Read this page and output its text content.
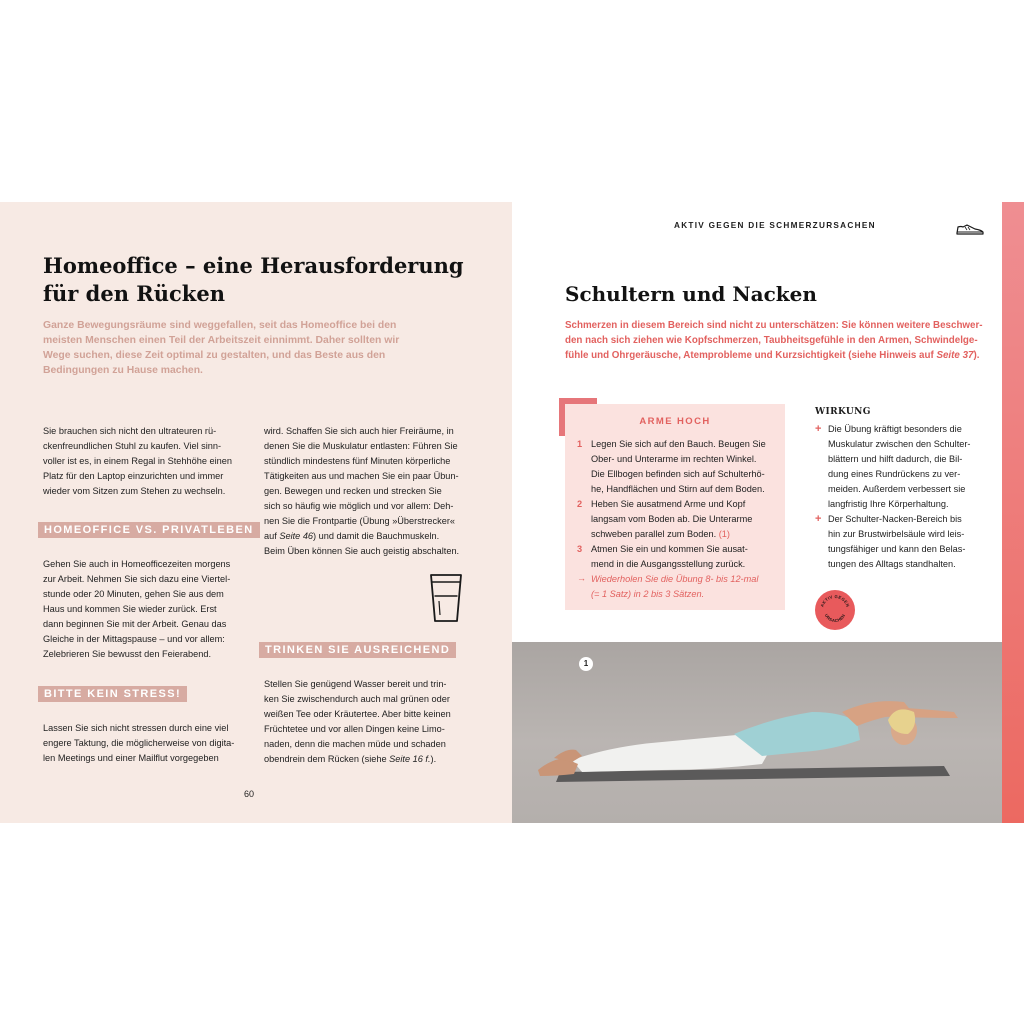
Homeoffice – eine Herausforderung
für den Rücken

Ganze Bewegungsräume sind weggefallen, seit das Homeoffice bei den
meisten Menschen einen Teil der Arbeitszeit einnimmt. Daher sollten wir
Wege suchen, diese Zeit optimal zu gestalten, und das Beste aus den
Bedingungen zu Hause machen.

Sie brauchen sich nicht den ultrateuren rü-
ckenfreundlichen Stuhl zu kaufen. Viel sinn-
voller ist es, in einem Regal in Stehhöhe einen
Platz für den Laptop einzurichten und immer
wieder vom Sitzen zum Stehen zu wechseln.

HOMEOFFICE VS. PRIVATLEBEN

Gehen Sie auch in Homeofficezeiten morgens
zur Arbeit. Nehmen Sie sich dazu eine Viertel-
stunde oder 20 Minuten, gehen Sie aus dem
Haus und kommen Sie wieder zurück. Erst
dann beginnen Sie mit der Arbeit. Genau das
Gleiche in der Mittagspause – und vor allem:
Zelebrieren Sie bewusst den Feierabend.

BITTE KEIN STRESS!

Lassen Sie sich nicht stressen durch eine viel
engere Taktung, die möglicherweise von digita-
len Meetings und einer Mailflut vorgegeben

wird. Schaffen Sie sich auch hier Freiräume, in
denen Sie die Muskulatur entlasten: Führen Sie
stündlich mindestens fünf Minuten körperliche
Tätigkeiten aus und machen Sie ein paar Übun-
gen. Bewegen und recken und strecken Sie
sich so häufig wie möglich und vor allem: Deh-
nen Sie die Frontpartie (Übung »Überstrecker«
auf Seite 46) und damit die Bauchmuskeln.
Beim Üben können Sie auch geistig abschalten.

TRINKEN SIE AUSREICHEND

Stellen Sie genügend Wasser bereit und trin-
ken Sie zwischendurch auch mal grünen oder
weißen Tee oder Kräutertee. Aber bitte keinen
Früchtetee und vor allen Dingen keine Limo-
naden, denn die machen müde und schaden
obendrein dem Rücken (siehe Seite 16 f.).

60
AKTIV GEGEN DIE SCHMERZURSACHEN
Schultern und Nacken

Schmerzen in diesem Bereich sind nicht zu unterschätzen: Sie können weitere Beschwer-
den nach sich ziehen wie Kopfschmerzen, Taubheitsgefühle in den Armen, Schwindelge-
fühle und Ohrgeräusche, Atemprobleme und Kurzsichtigkeit (siehe Hinweis auf Seite 37).

ARME HOCH
1 Legen Sie sich auf den Bauch. Beugen Sie
Ober- und Unterarme im rechten Winkel.
Die Ellbogen befinden sich auf Schulterhö-
he, Handflächen und Stirn auf dem Boden.

2 Heben Sie ausatmend Arme und Kopf
langsam vom Boden ab. Die Unterarme
schweben parallel zum Boden. (1)

3 Atmen Sie ein und kommen Sie ausat-
mend in die Ausgangsstellung zurück.

→ Wiederholen Sie die Übung 8- bis 12-mal
(= 1 Satz) in 2 bis 3 Sätzen.

WIRKUNG
+ Die Übung kräftigt besonders die
Muskulatur zwischen den Schulter-
blättern und hilft dadurch, die Bil-
dung eines Rundrückens zu ver-
meiden. Außerdem verbessert sie
langfristig Ihre Körperhaltung.

+ Der Schulter-Nacken-Bereich bis
hin zur Brustwirbelsäule wird leis-
tungsfähiger und kann den Belas-
tungen des Alltags standhalten.

AKTIV GEGEN
URSACHEN
1
